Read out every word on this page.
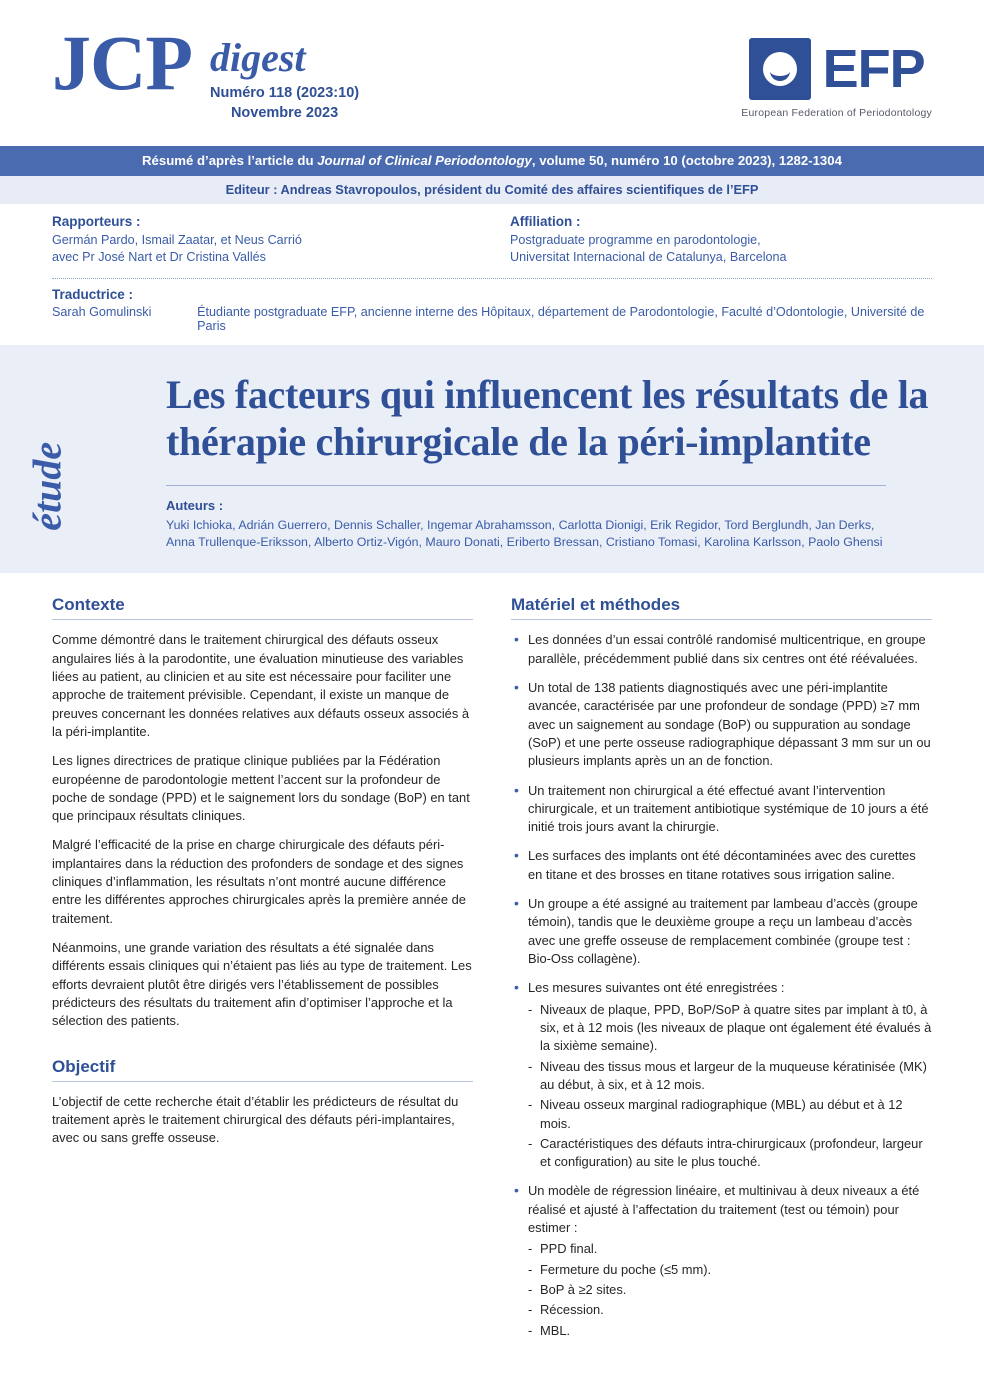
JCP digest
Numéro 118 (2023:10)
Novembre 2023
EFP
European Federation of Periodontology
Résumé d’après l’article du Journal of Clinical Periodontology, volume 50, numéro 10 (octobre 2023), 1282-1304
Editeur : Andreas Stavropoulos, président du Comité des affaires scientifiques de l’EFP
Rapporteurs :
Germán Pardo, Ismail Zaatar, et Neus Carrió
avec Pr José Nart et Dr Cristina Vallés
Affiliation :
Postgraduate programme en parodontologie,
Universitat Internacional de Catalunya, Barcelona
Traductrice :
Sarah Gomulinski	Étudiante postgraduate EFP, ancienne interne des Hôpitaux, département de Parodontologie, Faculté d’Odontologie, Université de Paris
étude
Les facteurs qui influencent les résultats de la thérapie chirurgicale de la péri-implantite
Auteurs :
Yuki Ichioka, Adrián Guerrero, Dennis Schaller, Ingemar Abrahamsson, Carlotta Dionigi, Erik Regidor, Tord Berglundh, Jan Derks,
Anna Trullenque-Eriksson, Alberto Ortiz-Vigón, Mauro Donati, Eriberto Bressan, Cristiano Tomasi, Karolina Karlsson, Paolo Ghensi
Contexte

Comme démontré dans le traitement chirurgical des défauts osseux angulaires liés à la parodontite, une évaluation minutieuse des variables liées au patient, au clinicien et au site est nécessaire pour faciliter une approche de traitement prévisible. Cependant, il existe un manque de preuves concernant les données relatives aux défauts osseux associés à la péri-implantite.

Les lignes directrices de pratique clinique publiées par la Fédération européenne de parodontologie mettent l’accent sur la profondeur de poche de sondage (PPD) et le saignement lors du sondage (BoP) en tant que principaux résultats cliniques.

Malgré l’efficacité de la prise en charge chirurgicale des défauts péri-implantaires dans la réduction des profonders de sondage et des signes cliniques d’inflammation, les résultats n’ont montré aucune différence entre les différentes approches chirurgicales après la première année de traitement.

Néanmoins, une grande variation des résultats a été signalée dans différents essais cliniques qui n’étaient pas liés au type de traitement. Les efforts devraient plutôt être dirigés vers l’établissement de possibles prédicteurs des résultats du traitement afin d’optimiser l’approche et la sélection des patients.

Objectif

L’objectif de cette recherche était d’établir les prédicteurs de résultat du traitement après le traitement chirurgical des défauts péri-implantaires, avec ou sans greffe osseuse.

Matériel et méthodes
• Les données d’un essai contrôlé randomisé multicentrique, en groupe parallèle, précédemment publié dans six centres ont été réévaluées.
• Un total de 138 patients diagnostiqués avec une péri-implantite avancée, caractérisée par une profondeur de sondage (PPD) ≥7 mm avec un saignement au sondage (BoP) ou suppuration au sondage (SoP) et une perte osseuse radiographique dépassant 3 mm sur un ou plusieurs implants après un an de fonction.
• Un traitement non chirurgical a été effectué avant l’intervention chirurgicale, et un traitement antibiotique systémique de 10 jours a été initié trois jours avant la chirurgie.
• Les surfaces des implants ont été décontaminées avec des curettes en titane et des brosses en titane rotatives sous irrigation saline.
• Un groupe a été assigné au traitement par lambeau d’accès (groupe témoin), tandis que le deuxième groupe a reçu un lambeau d’accès avec une greffe osseuse de remplacement combinée (groupe test : Bio-Oss collagène).
• Les mesures suivantes ont été enregistrées :
- Niveaux de plaque, PPD, BoP/SoP à quatre sites par implant à t0, à six, et à 12 mois (les niveaux de plaque ont également été évalués à la sixième semaine).
- Niveau des tissus mous et largeur de la muqueuse kératinisée (MK) au début, à six, et à 12 mois.
- Niveau osseux marginal radiographique (MBL) au début et à 12 mois.
- Caractéristiques des défauts intra-chirurgicaux (profondeur, largeur et configuration) au site le plus touché.
• Un modèle de régression linéaire, et multinivau à deux niveaux a été réalisé et ajusté à l’affectation du traitement (test ou témoin) pour estimer :
- PPD final.
- Fermeture du poche (≤5 mm).
- BoP à ≥2 sites.
- Récession.
- MBL.
